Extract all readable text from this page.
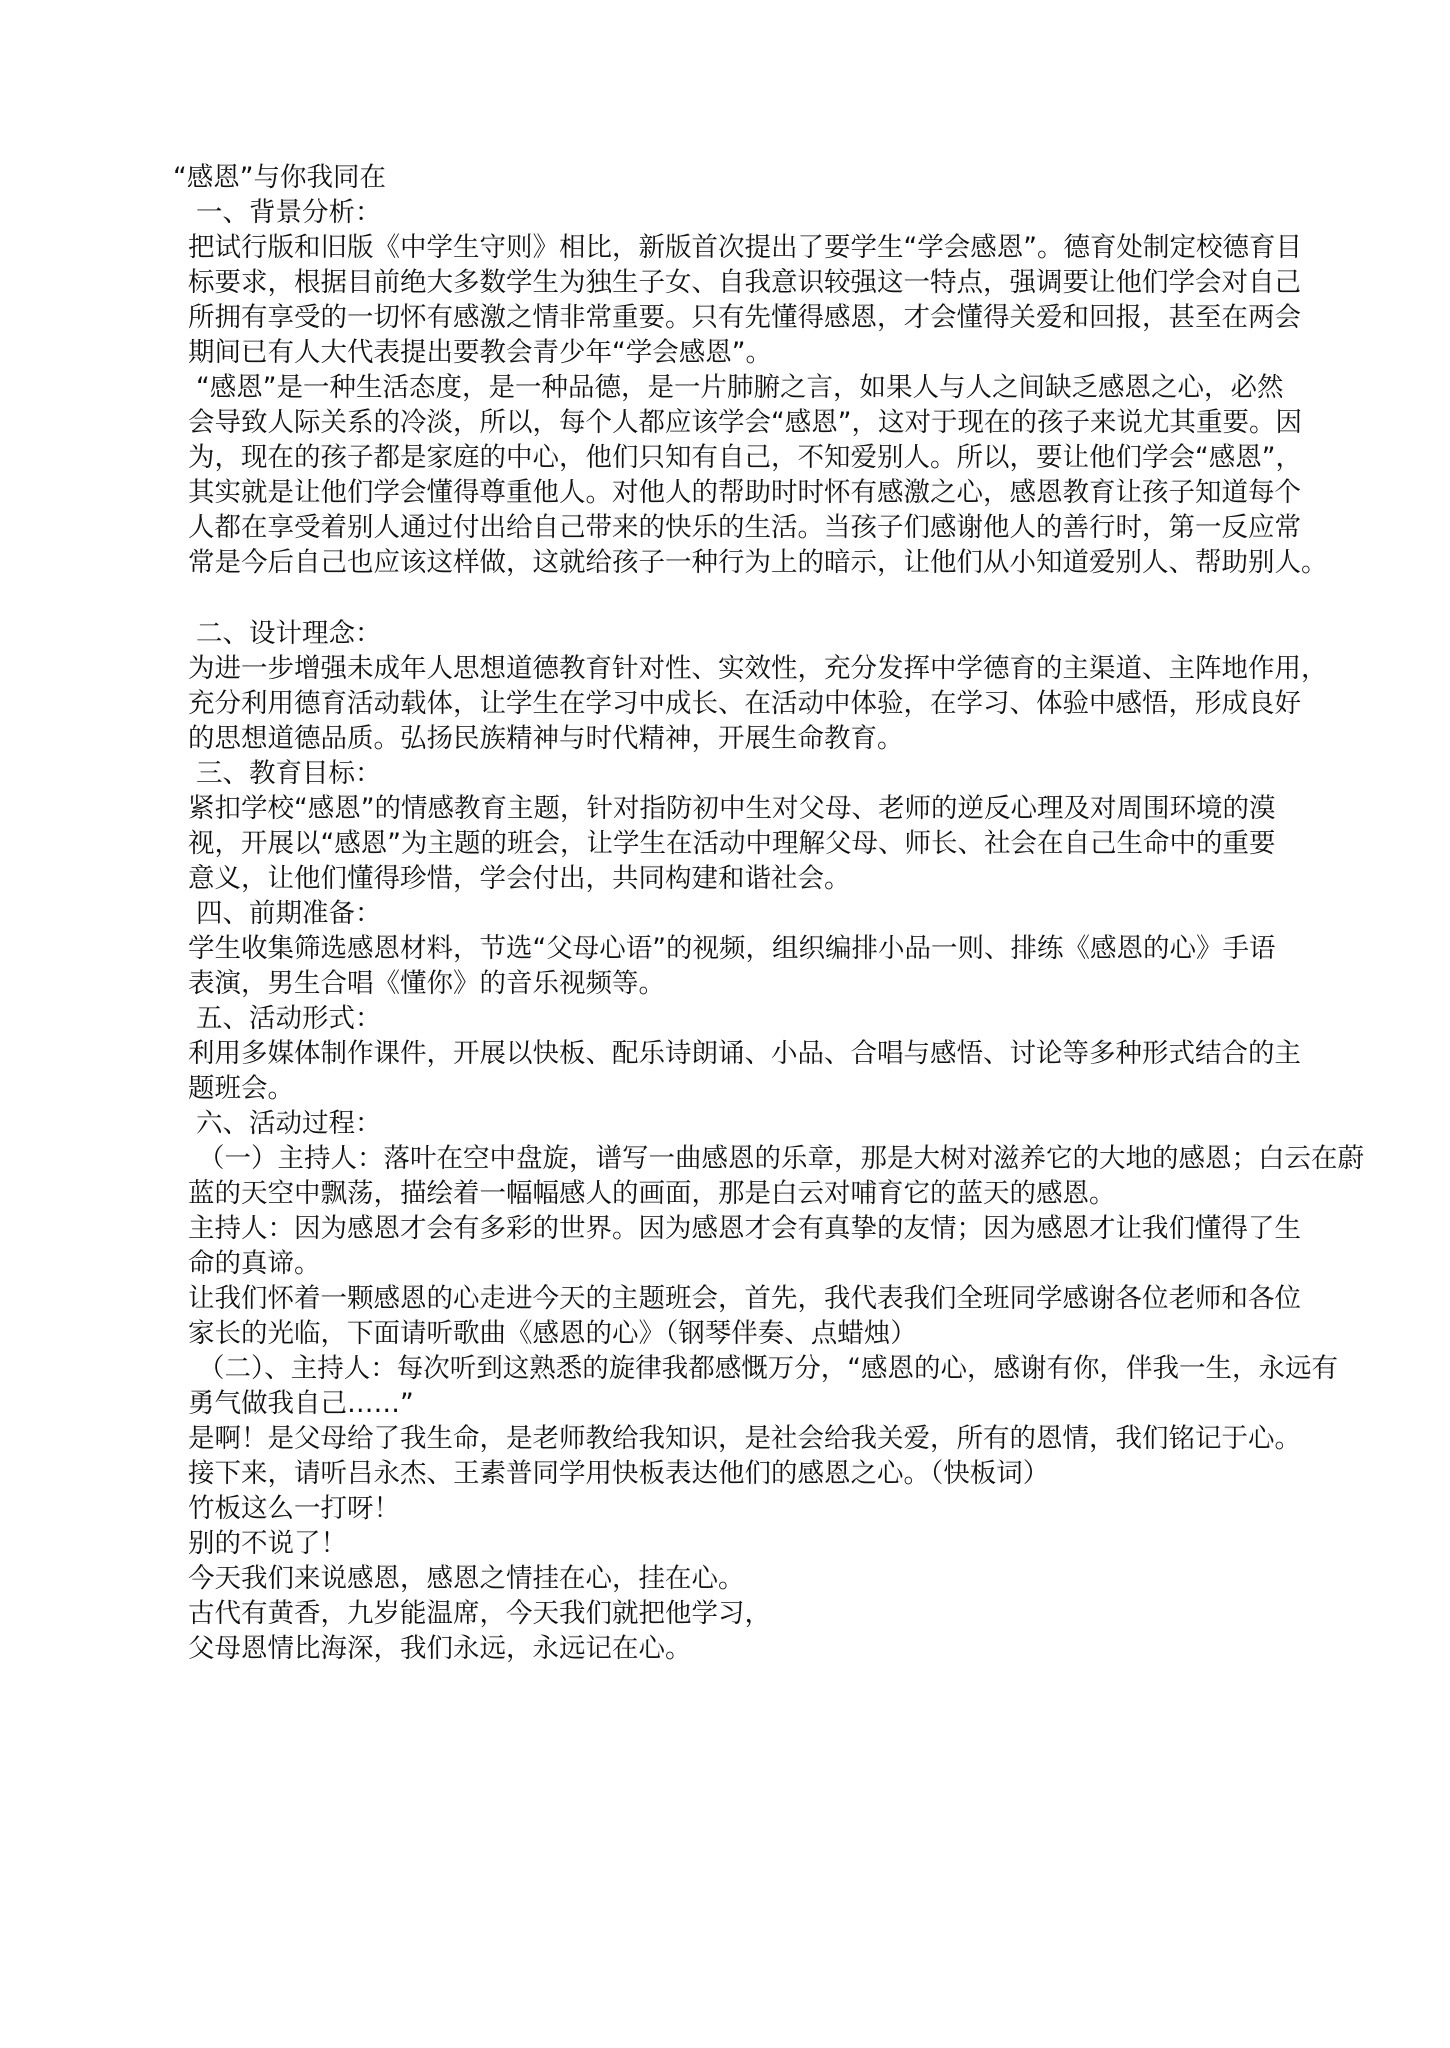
“感恩”与你我同在
一、背景分析：
把试行版和旧版《中学生守则》相比，新版首次提出了要学生“学会感恩”。德育处制定校德育目
标要求，根据目前绝大多数学生为独生子女、自我意识较强这一特点，强调要让他们学会对自己
所拥有享受的一切怀有感激之情非常重要。只有先懂得感恩，才会懂得关爱和回报，甚至在两会
期间已有人大代表提出要教会青少年“学会感恩”。
“感恩”是一种生活态度，是一种品德，是一片肺腑之言，如果人与人之间缺乏感恩之心，必然
会导致人际关系的冷淡，所以，每个人都应该学会“感恩”，这对于现在的孩子来说尤其重要。因
为，现在的孩子都是家庭的中心，他们只知有自己，不知爱别人。所以，要让他们学会“感恩”，
其实就是让他们学会懂得尊重他人。对他人的帮助时时怀有感激之心，感恩教育让孩子知道每个
人都在享受着别人通过付出给自己带来的快乐的生活。当孩子们感谢他人的善行时，第一反应常
常是今后自己也应该这样做，这就给孩子一种行为上的暗示，让他们从小知道爱别人、帮助别人。
二、设计理念：
为进一步增强未成年人思想道德教育针对性、实效性，充分发挥中学德育的主渠道、主阵地作用，
充分利用德育活动载体，让学生在学习中成长、在活动中体验，在学习、体验中感悟，形成良好
的思想道德品质。弘扬民族精神与时代精神，开展生命教育。
三、教育目标：
紧扣学校“感恩”的情感教育主题，针对指防初中生对父母、老师的逆反心理及对周围环境的漠
视，开展以“感恩”为主题的班会，让学生在活动中理解父母、师长、社会在自己生命中的重要
意义，让他们懂得珍惜，学会付出，共同构建和谐社会。
四、前期准备：
学生收集筛选感恩材料，节选“父母心语”的视频，组织编排小品一则、排练《感恩的心》手语
表演，男生合唱《懂你》的音乐视频等。
五、活动形式：
利用多媒体制作课件，开展以快板、配乐诗朗诵、小品、合唱与感悟、讨论等多种形式结合的主
题班会。
六、活动过程：
（一）主持人：落叶在空中盘旋，谱写一曲感恩的乐章，那是大树对滋养它的大地的感恩；白云在蔚
蓝的天空中飘荡，描绘着一幅幅感人的画面，那是白云对哺育它的蓝天的感恩。
主持人：因为感恩才会有多彩的世界。因为感恩才会有真挚的友情；因为感恩才让我们懂得了生
命的真谛。
让我们怀着一颗感恩的心走进今天的主题班会，首先，我代表我们全班同学感谢各位老师和各位
家长的光临，下面请听歌曲《感恩的心》（钢琴伴奏、点蜡烛）
（二）、主持人：每次听到这熟悉的旋律我都感慨万分，“感恩的心，感谢有你，伴我一生，永远有
勇气做我自己……”
是啊！是父母给了我生命，是老师教给我知识，是社会给我关爱，所有的恩情，我们铭记于心。
接下来，请听吕永杰、王素普同学用快板表达他们的感恩之心。（快板词）
竹板这么一打呀！
别的不说了！
今天我们来说感恩，感恩之情挂在心，挂在心。
古代有黄香，九岁能温席，今天我们就把他学习，
父母恩情比海深，我们永远，永远记在心。
